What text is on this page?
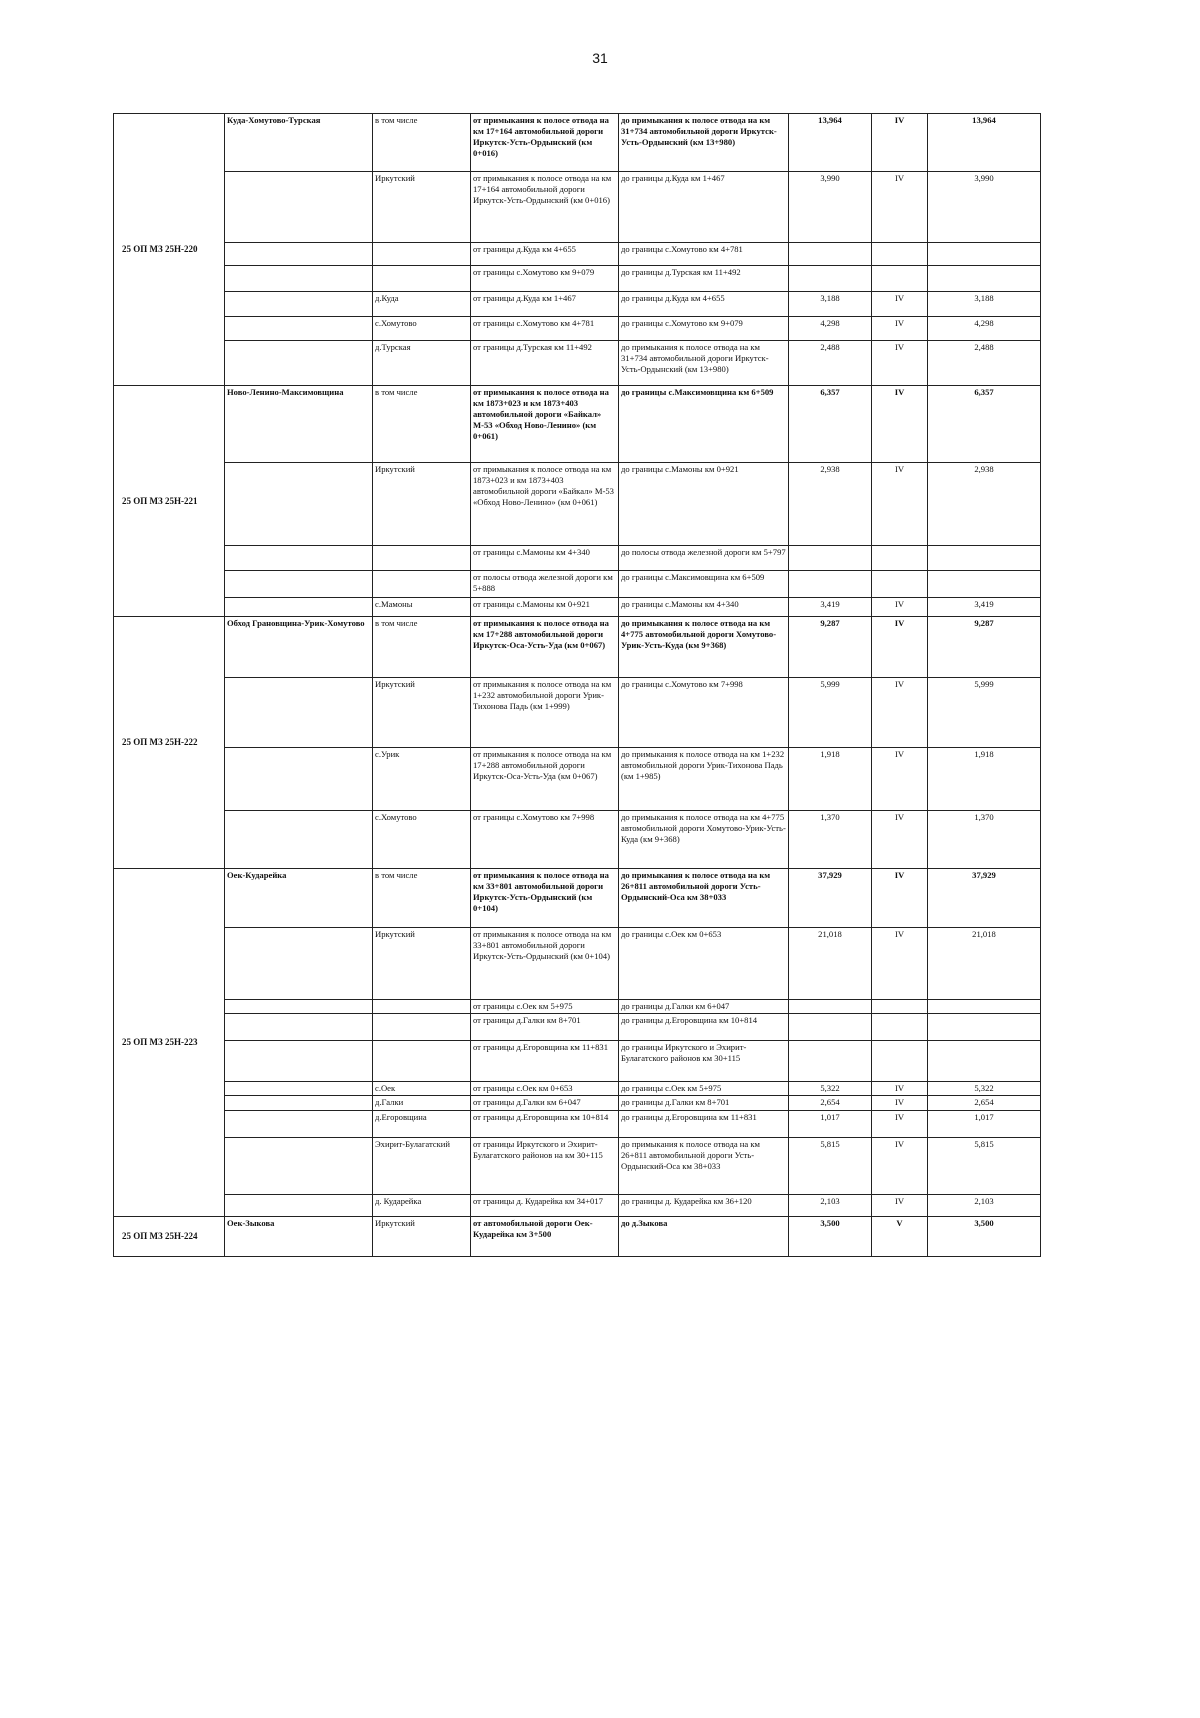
31
25 ОП МЗ 25Н-220	Куда-Хомутово-Турская	в том числе	от примыкания к полосе отвода на км 17+164 автомобильной дороги Иркутск-Усть-Ордынский (км 0+016)	до примыкания к полосе отвода на км 31+734 автомобильной дороги Иркутск-Усть-Ордынский (км 13+980)	13,964	IV	13,964
		Иркутский	от примыкания к полосе отвода на км 17+164 автомобильной дороги Иркутск-Усть-Ордынский (км 0+016)	до границы д.Куда км 1+467	3,990	IV	3,990
			от границы д.Куда км 4+655	до границы с.Хомутово км 4+781			
			от границы с.Хомутово км 9+079	до границы д.Турская км 11+492			
		д.Куда	от границы д.Куда км 1+467	до границы д.Куда км 4+655	3,188	IV	3,188
		с.Хомутово	от границы с.Хомутово км 4+781	до границы с.Хомутово км 9+079	4,298	IV	4,298
		д.Турская	от границы д.Турская км 11+492	до примыкания к полосе отвода на км 31+734 автомобильной дороги Иркутск-Усть-Ордынский (км 13+980)	2,488	IV	2,488
25 ОП МЗ 25Н-221	Ново-Ленино-Максимовщина	в том числе	от примыкания к полосе отвода на км 1873+023 и км 1873+403 автомобильной дороги «Байкал» М-53 «Обход Ново-Ленино» (км 0+061)	до границы с.Максимовщина км 6+509	6,357	IV	6,357
		Иркутский	от примыкания к полосе отвода на км 1873+023 и км 1873+403 автомобильной дороги «Байкал» М-53 «Обход Ново-Ленино» (км 0+061)	до границы с.Мамоны км 0+921	2,938	IV	2,938
			от границы с.Мамоны км 4+340	до полосы отвода железной дороги км 5+797			
			от полосы отвода железной дороги км 5+888	до границы с.Максимовщина км 6+509			
		с.Мамоны	от границы с.Мамоны км 0+921	до границы с.Мамоны км 4+340	3,419	IV	3,419
25 ОП МЗ 25Н-222	Обход Грановщина-Урик-Хомутово	в том числе	от примыкания к полосе отвода на км 17+288 автомобильной дороги Иркутск-Оса-Усть-Уда (км 0+067)	до примыкания к полосе отвода на км 4+775 автомобильной дороги Хомутово-Урик-Усть-Куда (км 9+368)	9,287	IV	9,287
		Иркутский	от примыкания к полосе отвода на км 1+232 автомобильной дороги Урик-Тихонова Падь (км 1+999)	до границы с.Хомутово км 7+998	5,999	IV	5,999
		с.Урик	от примыкания к полосе отвода на км 17+288 автомобильной дороги Иркутск-Оса-Усть-Уда (км 0+067)	до примыкания к полосе отвода на км 1+232 автомобильной дороги Урик-Тихонова Падь (км 1+985)	1,918	IV	1,918
		с.Хомутово	от границы с.Хомутово км 7+998	до примыкания к полосе отвода на км 4+775 автомобильной дороги Хомутово-Урик-Усть-Куда (км 9+368)	1,370	IV	1,370
25 ОП МЗ 25Н-223	Оек-Кударейка	в том числе	от примыкания к полосе отвода на км 33+801 автомобильной дороги Иркутск-Усть-Ордынский (км 0+104)	до примыкания к полосе отвода на км 26+811 автомобильной дороги Усть-Ордынский-Оса км 38+033	37,929	IV	37,929
		Иркутский	от примыкания к полосе отвода на км 33+801 автомобильной дороги Иркутск-Усть-Ордынский (км 0+104)	до границы с.Оек км 0+653	21,018	IV	21,018
			от границы с.Оек км 5+975	до границы д.Галки км 6+047			
			от границы д.Галки км 8+701	до границы д.Егоровщина км 10+814			
			от границы д.Егоровщина км 11+831	до границы Иркутского и Эхирит-Булагатского районов км 30+115			
		с.Оек	от границы с.Оек км 0+653	до границы с.Оек км 5+975	5,322	IV	5,322
		д.Галки	от границы д.Галки км 6+047	до границы д.Галки км 8+701	2,654	IV	2,654
		д.Егоровщина	от границы д.Егоровщина км 10+814	до границы д.Егоровщина км 11+831	1,017	IV	1,017
		Эхирит-Булагатский	от границы Иркутского и Эхирит-Булагатского районов на км 30+115	до примыкания к полосе отвода на км 26+811 автомобильной дороги Усть-Ордынский-Оса км 38+033	5,815	IV	5,815
		д. Кударейка	от границы д. Кударейка км 34+017	до границы д. Кударейка км 36+120	2,103	IV	2,103
25 ОП МЗ 25Н-224	Оек-Зыкова	Иркутский	от автомобильной дороги Оек-Кударейка км 3+500	до д.Зыкова	3,500	V	3,500
